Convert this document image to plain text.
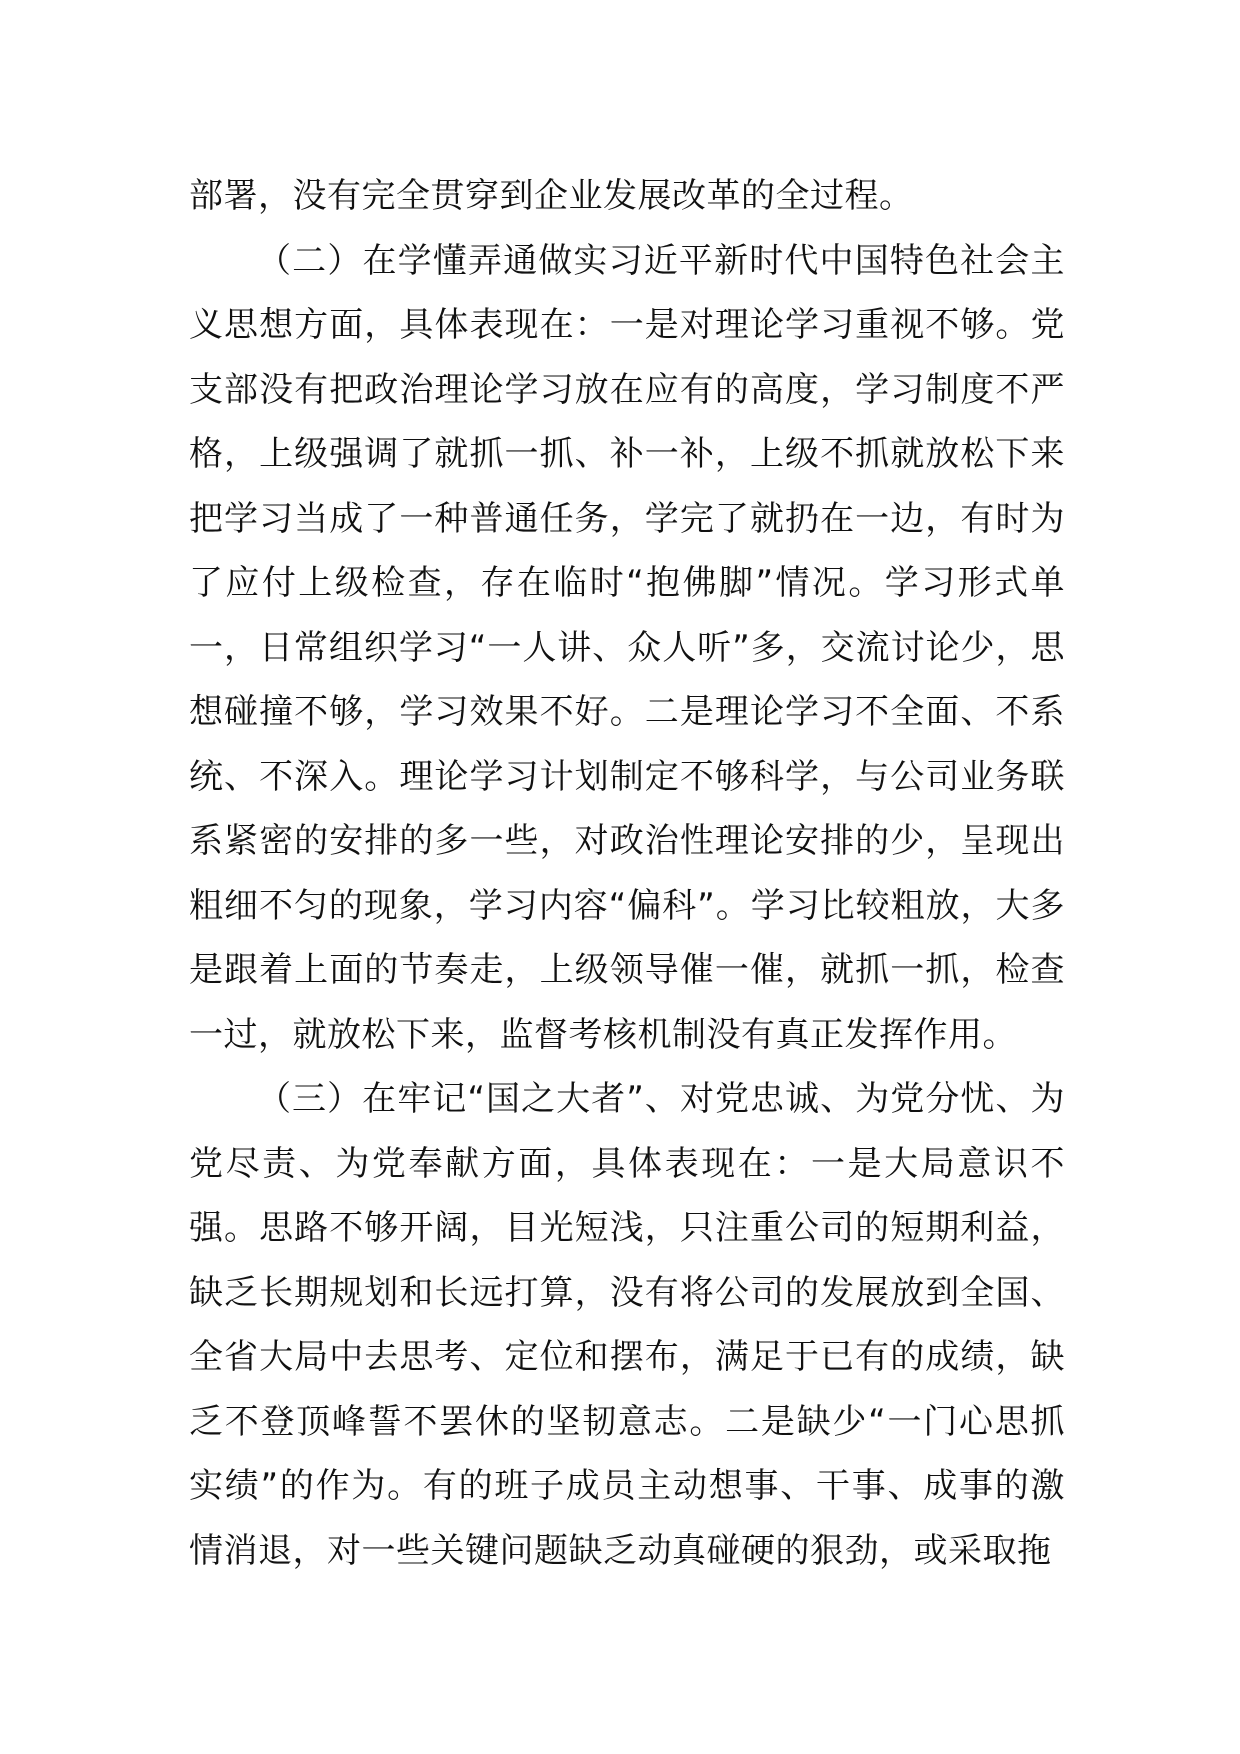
部署，没有完全贯穿到企业发展改革的全过程。

（二）在学懂弄通做实习近平新时代中国特色社会主义思想方面，具体表现在：一是对理论学习重视不够。党支部没有把政治理论学习放在应有的高度，学习制度不严格，上级强调了就抓一抓、补一补，上级不抓就放松下来把学习当成了一种普通任务，学完了就扔在一边，有时为了应付上级检查，存在临时“抱佛脚”情况。学习形式单一，日常组织学习“一人讲、众人听”多，交流讨论少，思想碰撞不够，学习效果不好。二是理论学习不全面、不系统、不深入。理论学习计划制定不够科学，与公司业务联系紧密的安排的多一些，对政治性理论安排的少，呈现出粗细不匀的现象，学习内容“偏科”。学习比较粗放，大多是跟着上面的节奏走，上级领导催一催，就抓一抓，检查一过，就放松下来，监督考核机制没有真正发挥作用。

（三）在牢记“国之大者”、对党忠诚、为党分忧、为党尽责、为党奉献方面，具体表现在：一是大局意识不强。思路不够开阔，目光短浅，只注重公司的短期利益，缺乏长期规划和长远打算，没有将公司的发展放到全国、全省大局中去思考、定位和摆布，满足于已有的成绩，缺乏不登顶峰誓不罢休的坚韧意志。二是缺少“一门心思抓实绩”的作为。有的班子成员主动想事、干事、成事的激情消退，对一些关键问题缺乏动真碰硬的狠劲，或采取拖
